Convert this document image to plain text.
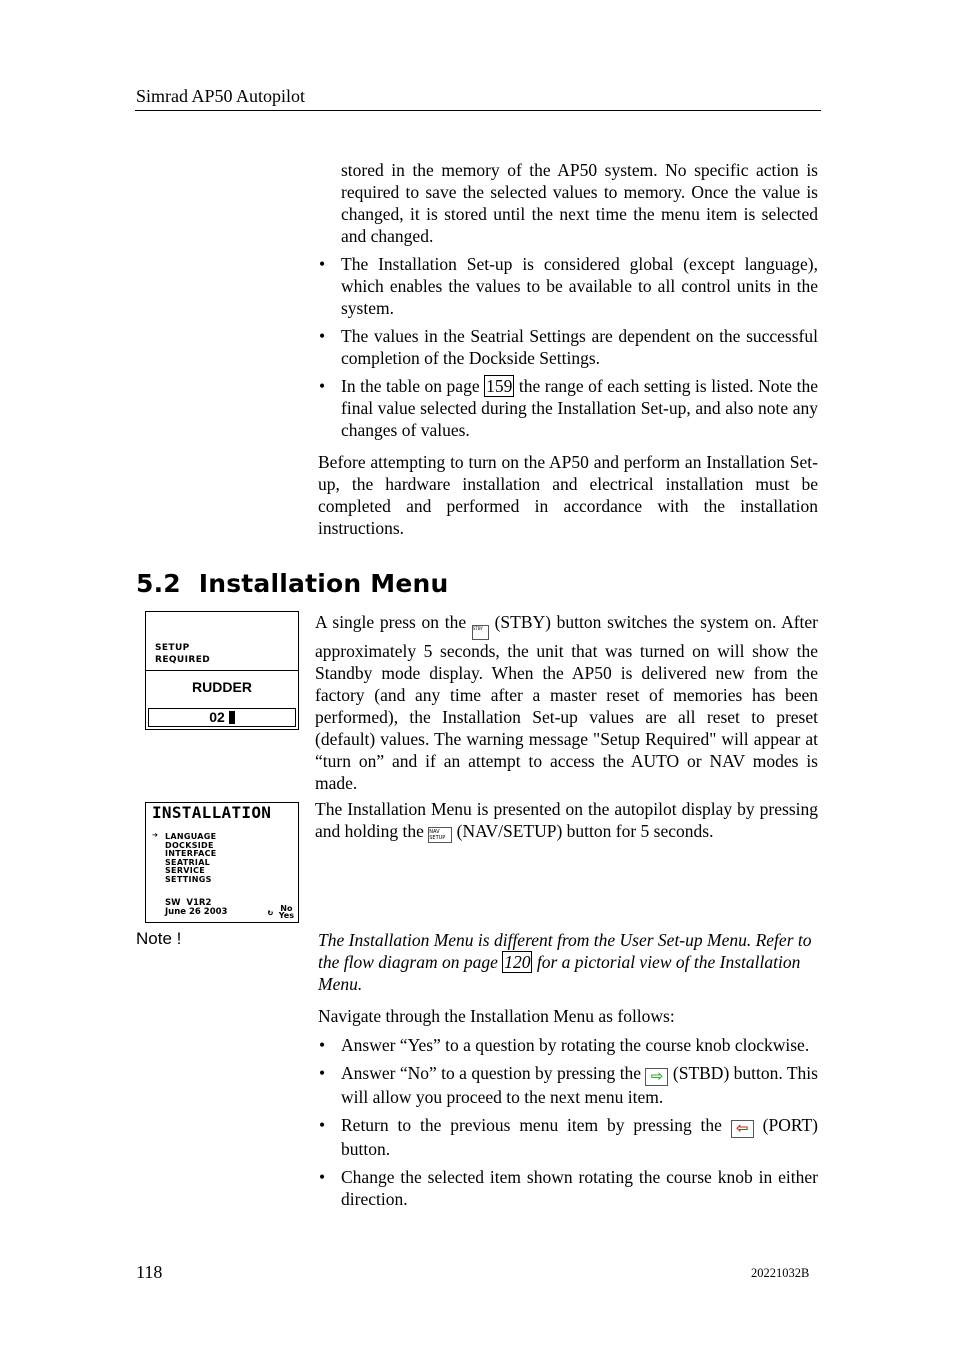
Simrad AP50 Autopilot

stored in the memory of the AP50 system. No specific action is required to save the selected values to memory. Once the value is changed, it is stored until the next time the menu item is selected and changed.

• The Installation Set-up is considered global (except language), which enables the values to be available to all control units in the system.
• The values in the Seatrial Settings are dependent on the successful completion of the Dockside Settings.
• In the table on page 159 the range of each setting is listed. Note the final value selected during the Installation Set-up, and also note any changes of values.

Before attempting to turn on the AP50 and perform an Installation Set-up, the hardware installation and electrical installation must be completed and performed in accordance with the installation instructions.

5.2 Installation Menu
SETUP
REQUIRED
RUDDER
02
INSTALLATION
➔ LANGUAGE
DOCKSIDE
INTERFACE
SEATRIAL
SERVICE
SETTINGS
SW  V1R2
June 26 2003	↻ No
Yes

A single press on the STBY (STBY) button switches the system on. After approximately 5 seconds, the unit that was turned on will show the Standby mode display. When the AP50 is delivered new from the factory (and any time after a master reset of memories has been performed), the Installation Set-up values are all reset to preset (default) values. The warning message "Setup Required" will appear at “turn on” and if an attempt to access the AUTO or NAV modes is made.

The Installation Menu is presented on the autopilot display by pressing and holding the NAV
SETUP (NAV/SETUP) button for 5 seconds.

Note !	The Installation Menu is different from the User Set-up Menu. Refer to the flow diagram on page 120 for a pictorial view of the Installation Menu.

Navigate through the Installation Menu as follows:

• Answer “Yes” to a question by rotating the course knob clockwise.
• Answer “No” to a question by pressing the ⇨ (STBD) button. This will allow you proceed to the next menu item.
• Return to the previous menu item by pressing the ⇦ (PORT) button.
• Change the selected item shown rotating the course knob in either direction.
118	20221032B
